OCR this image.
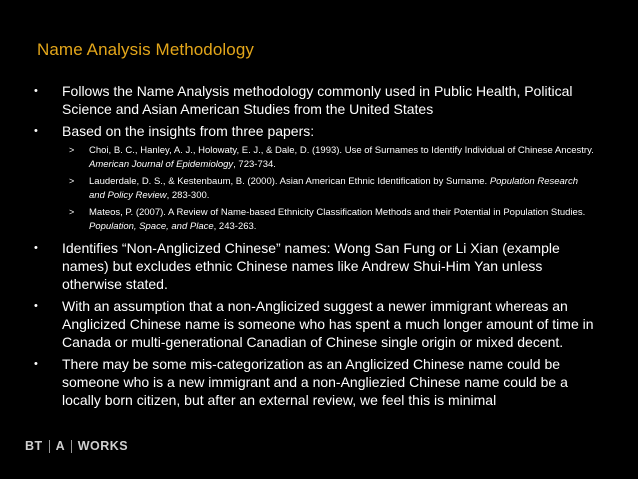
Name Analysis Methodology
•	Follows the Name Analysis methodology commonly used in Public Health, Political Science and Asian American Studies from the United States
•	Based on the insights from three papers:
> Choi, B. C., Hanley, A. J., Holowaty, E. J., & Dale, D. (1993). Use of Surnames to Identify Individual of Chinese Ancestry. American Journal of Epidemiology, 723-734.
> Lauderdale, D. S., & Kestenbaum, B. (2000). Asian American Ethnic Identification by Surname. Population Research and Policy Review, 283-300.
> Mateos, P. (2007). A Review of Name-based Ethnicity Classification Methods and their Potential in Population Studies. Population, Space, and Place, 243-263.
•	Identifies “Non-Anglicized Chinese” names: Wong San Fung or Li Xian (example names) but excludes ethnic Chinese names like Andrew Shui-Him Yan unless otherwise stated.
•	With an assumption that a non-Anglicized suggest a newer immigrant whereas an Anglicized Chinese name is someone who has spent a much longer amount of time in Canada or multi-generational Canadian of Chinese single origin or mixed decent.
•	There may be some mis-categorization as an Anglicized Chinese name could be someone who is a new immigrant and a non-Angliezied Chinese name could be a locally born citizen, but after an external review, we feel this is minimal
BT A WORKS
